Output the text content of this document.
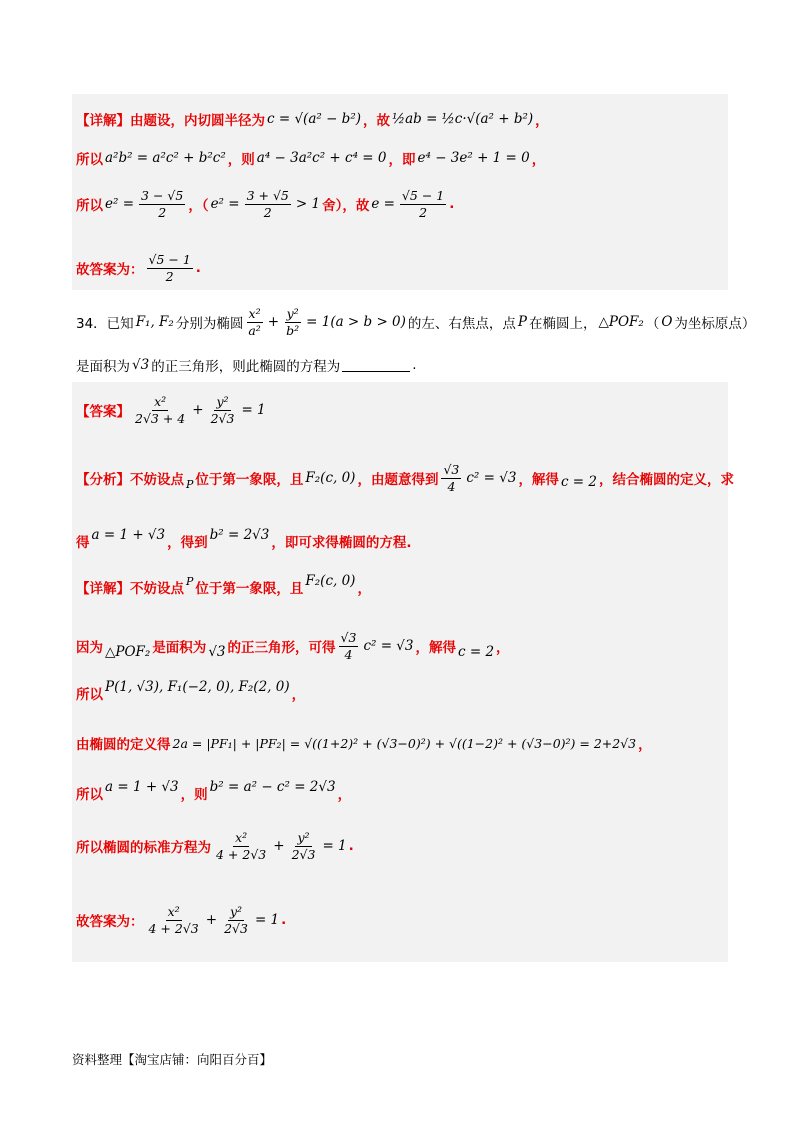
【详解】由题设，内切圆半径为 c = √(a² − b²) ，故 ½ab = ½c·√(a² + b²) ，
所以 a²b² = a²c² + b²c² ，则 a⁴ − 3a²c² + c⁴ = 0 ，即 e⁴ − 3e² + 1 = 0 ，
所以 $e^2 = \frac{3 - √5}{2}$ ，（ $e^2 = \frac{3 + √5}{2} > 1$ 舍），故 $e = \frac{√5 - 1}{2}$ .
故答案为： $\frac{√5 - 1}{2}$ .
34．已知 F₁, F₂ 分别为椭圆 $\frac{\text{x²}}{\text{a²}} + \frac{\text{y²}}{\text{b²}} = 1(a > b > 0)$ 的左、右焦点，点 P 在椭圆上， △POF₂ （ O 为坐标原点）
是面积为 √3 的正三角形，则此椭圆的方程为	.
【答案】 $\frac{\text{x²}}{2√3 + 4} + \frac{\text{y²}}{2√3} = 1$
【分析】不妨设点 P 位于第一象限，且 F₂(c, 0) ，由题意得到 $\frac{√3}{4} c^2 = √3$ ，解得 c = 2 ，结合椭圆的定义，求
得 a = 1 + √3 ，得到 b² = 2√3 ，即可求得椭圆的方程.
【详解】不妨设点 P 位于第一象限，且 F₂(c, 0) ，
因为 △POF₂ 是面积为 √3 的正三角形，可得 $\frac{√3}{4} c^2 = √3$ ，解得 c = 2 ，
所以 P(1, √3), F₁(−2, 0), F₂(2, 0) ，
由椭圆的定义得 2a = |PF₁| + |PF₂| = √((1+2)² + (√3−0)²) + √((1−2)² + (√3−0)²) = 2+2√3 ，
所以 a = 1 + √3 ，则 b² = a² − c² = 2√3 ，
所以椭圆的标准方程为 $\frac{\text{x²}}{4 + 2√3} + \frac{\text{y²}}{2√3} = 1$ .
故答案为： $\frac{\text{x²}}{4 + 2√3} + \frac{\text{y²}}{2√3} = 1$ .
资料整理【淘宝店铺：向阳百分百】
